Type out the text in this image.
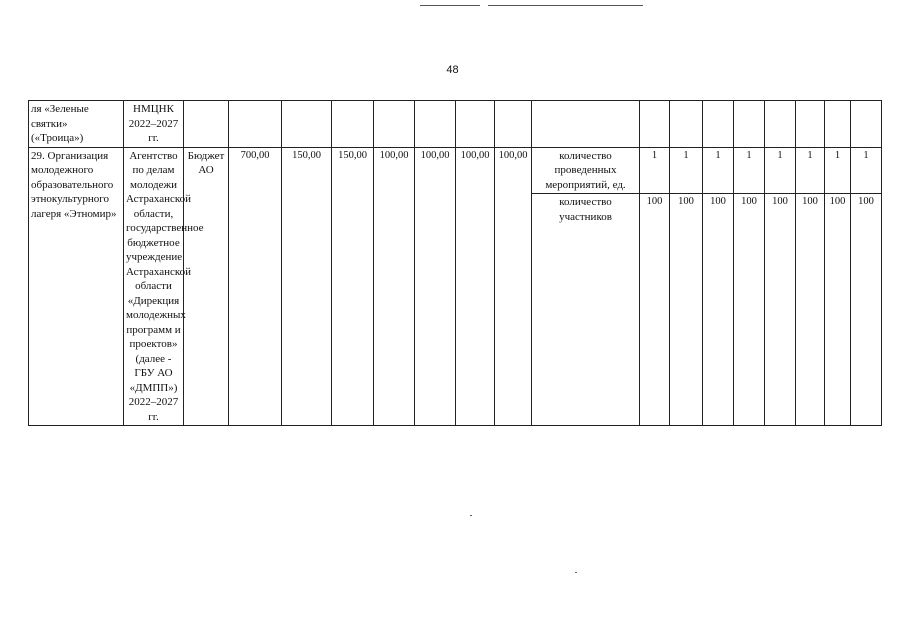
48
ля «Зеленые святки» («Троица»)	НМЦНК 2022–2027 гг.																	
29. Организация молодежного образовательного этнокультурного лагеря «Этномир»	Агентство по делам молодежи Астраханской области, государственное бюджетное учреждение Астраханской области «Дирекция молодежных программ и проектов» (далее - ГБУ АО «ДМПП») 2022–2027 гг.	Бюджет АО	700,00	150,00	150,00	100,00	100,00	100,00	100,00	количество проведенных мероприятий, ед.	1	1	1	1	1	1	1	1
										количество участников	100	100	100	100	100	100	100	100
